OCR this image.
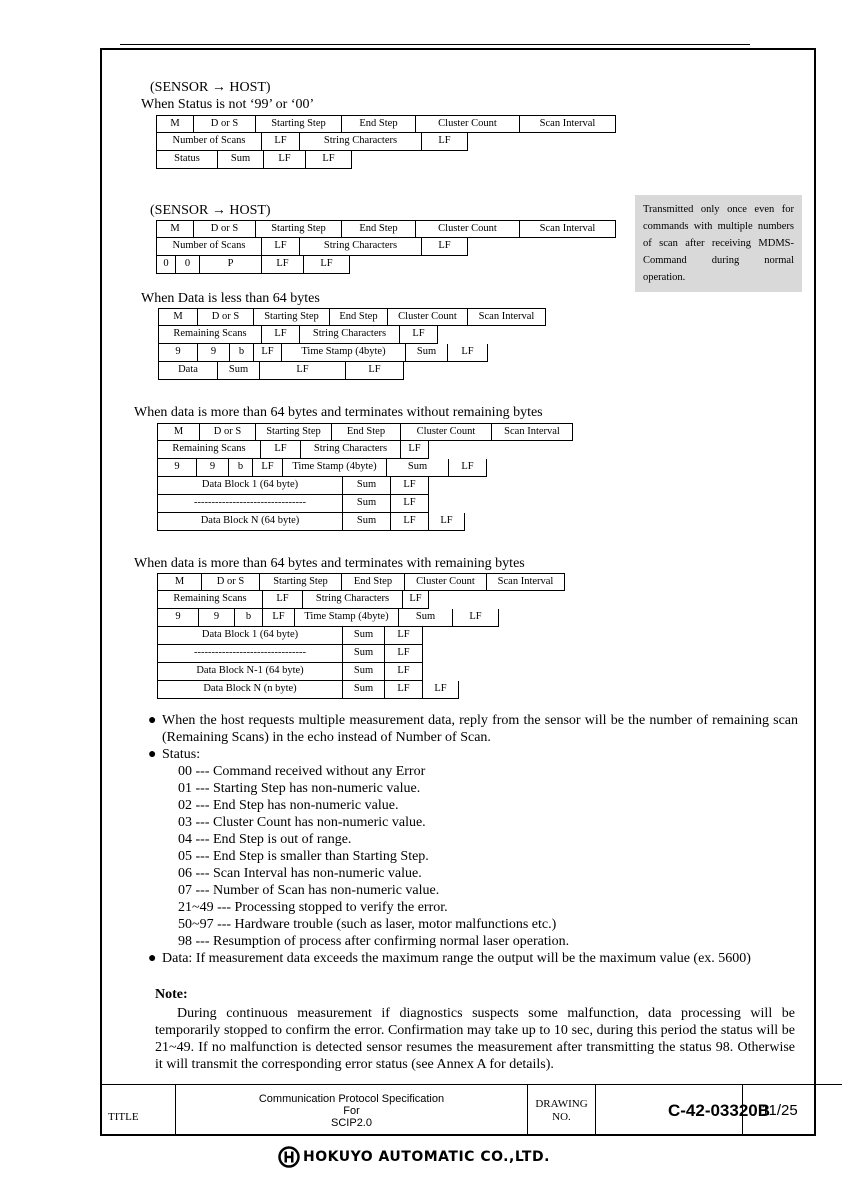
(SENSOR → HOST)
When Status is not ‘99’ or ‘00’
M	D or S	Starting Step	End Step	Cluster Count	Scan Interval
Number of Scans	LF	String Characters	LF
Status	Sum	LF	LF
(SENSOR → HOST)
M	D or S	Starting Step	End Step	Cluster Count	Scan Interval
Number of Scans	LF	String Characters	LF
0	0	P	LF	LF
Transmitted only once even for commands with multiple numbers of scan after receiving MDMS-Command during normal operation.
When Data is less than 64 bytes
M	D or S	Starting Step	End Step	Cluster Count	Scan Interval
Remaining Scans	LF	String Characters	LF
9	9	b	LF	Time Stamp (4byte)	Sum	LF
Data	Sum	LF	LF
When data is more than 64 bytes and terminates without remaining bytes
M	D or S	Starting Step	End Step	Cluster Count	Scan Interval
Remaining Scans	LF	String Characters	LF
9	9	b	LF	Time Stamp (4byte)	Sum	LF
Data Block 1 (64 byte)	Sum	LF
--------------------------------	Sum	LF
Data Block N (64 byte)	Sum	LF	LF
When data is more than 64 bytes and terminates with remaining bytes
M	D or S	Starting Step	End Step	Cluster Count	Scan Interval
Remaining Scans	LF	String Characters	LF
9	9	b	LF	Time Stamp (4byte)	Sum	LF
Data Block 1 (64 byte)	Sum	LF
--------------------------------	Sum	LF
Data Block N-1 (64 byte)	Sum	LF
Data Block N (n byte)	Sum	LF	LF
● When the host requests multiple measurement data, reply from the sensor will be the number of remaining scan (Remaining Scans) in the echo instead of Number of Scan.
● Status:
00 --- Command received without any Error
01 --- Starting Step has non-numeric value.
02 --- End Step has non-numeric value.
03 --- Cluster Count has non-numeric value.
04 --- End Step is out of range.
05 --- End Step is smaller than Starting Step.
06 --- Scan Interval has non-numeric value.
07 --- Number of Scan has non-numeric value.
21~49 --- Processing stopped to verify the error.
50~97 --- Hardware trouble (such as laser, motor malfunctions etc.)
98 --- Resumption of process after confirming normal laser operation.
● Data: If measurement data exceeds the maximum range the output will be the maximum value (ex. 5600)
Note:
During continuous measurement if diagnostics suspects some malfunction, data processing will be temporarily stopped to confirm the error. Confirmation may take up to 10 sec, during this period the status will be 21~49. If no malfunction is detected sensor resumes the measurement after transmitting the status 98. Otherwise it will transmit the corresponding error status (see Annex A for details).
TITLE
Communication Protocol Specification
For
SCIP2.0
DRAWING
NO.	C-42-03320B
11/25
HOKUYO AUTOMATIC CO.,LTD.
